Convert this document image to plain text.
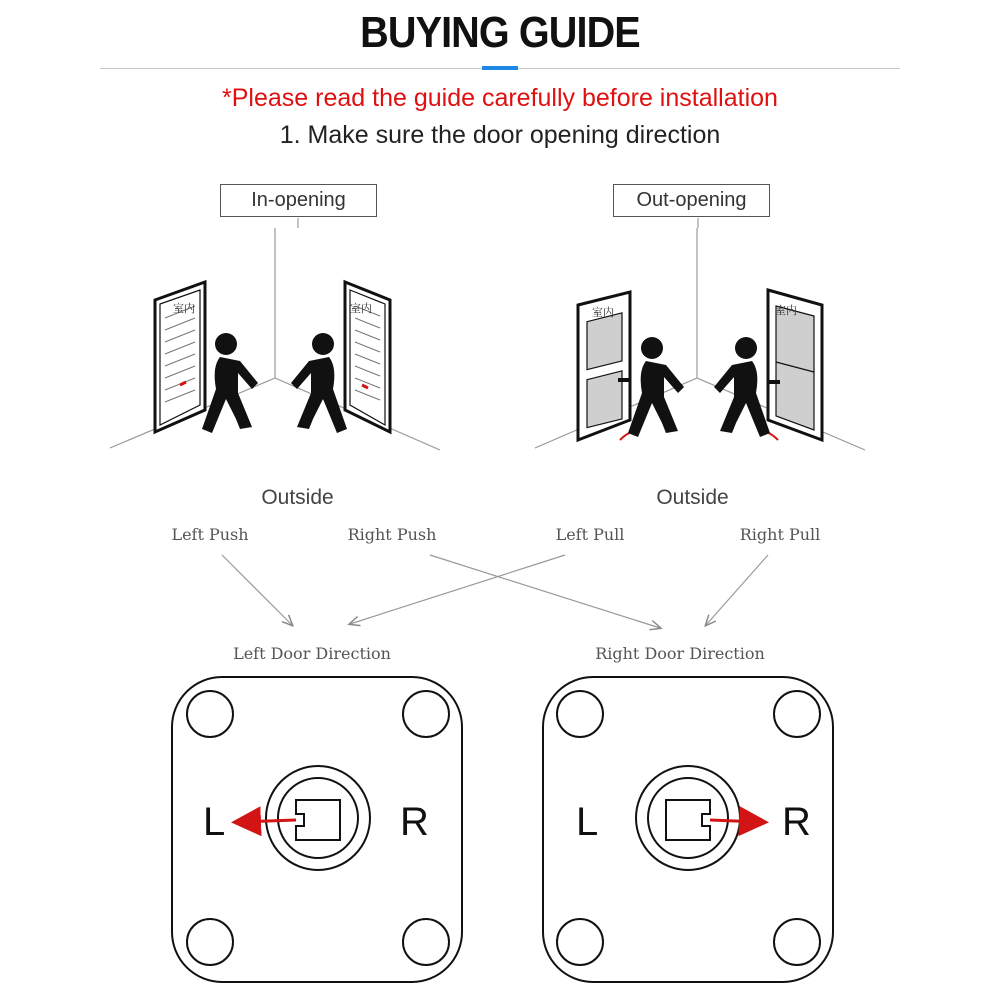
BUYING GUIDE
*Please read the guide carefully before installation
1. Make sure the door opening direction
In-opening	Out-opening
室内	室内	室内	室内
Outside	Outside
Left Push	Right Push	Left Pull	Right Pull
Left Door Direction	Right Door Direction
L	R	L	R
